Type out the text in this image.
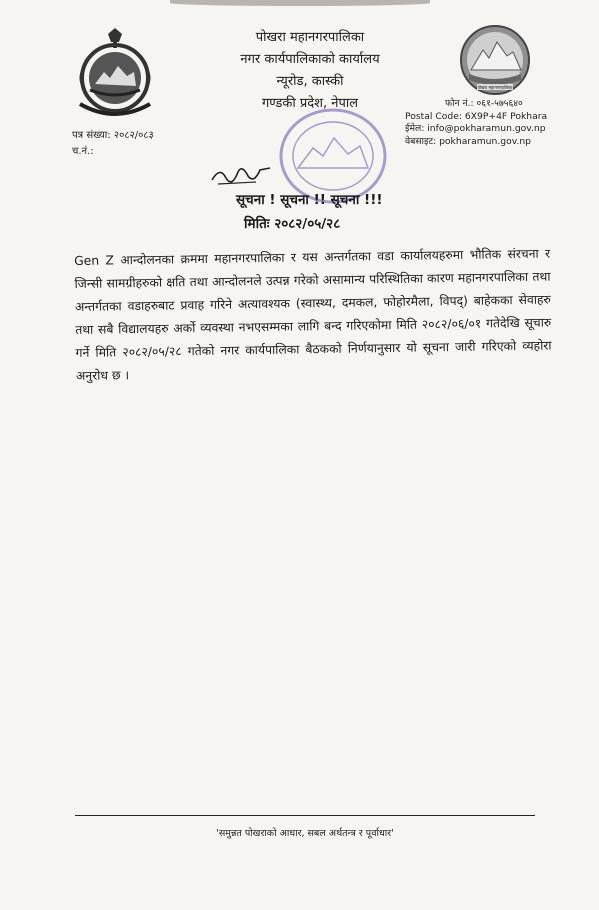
पोखरा महानगरपालिका
नगर कार्यपालिकाको कार्यालय
न्यूरोड, कास्की
गण्डकी प्रदेश, नेपाल
पोखरा महानगरपालिका
पत्र संख्या: २०८२/०८३
च.नं.:
फोन नं.: ०६१-५७५६४०
Postal Code: 6X9P+4F Pokhara
ईमेल: info@pokharamun.gov.np
वेबसाइट: pokharamun.gov.np
सूचना ! सूचना !! सूचना !!!
मितिः २०८२/०५/२८
Gen Z आन्दोलनका क्रममा महानगरपालिका र यस अन्तर्गतका वडा कार्यालयहरुमा भौतिक संरचना र जिन्सी सामग्रीहरुको क्षति तथा आन्दोलनले उत्पन्न गरेको असामान्य परिस्थितिका कारण महानगरपालिका तथा अन्तर्गतका वडाहरुबाट प्रवाह गरिने अत्यावश्यक (स्वास्थ्य, दमकल, फोहोरमैला, विपद्) बाहेकका सेवाहरु तथा सबै विद्यालयहरु अर्को व्यवस्था नभएसम्मका लागि बन्द गरिएकोमा मिति २०८२/०६/०१ गतेदेखि सूचारु गर्ने मिति २०८२/०५/२८ गतेको नगर कार्यपालिका बैठकको निर्णयानुसार यो सूचना जारी गरिएको व्यहोरा अनुरोध छ ।
'समुन्नत पोखराको आधार, सबल अर्थतन्त्र र पूर्वाधार'
